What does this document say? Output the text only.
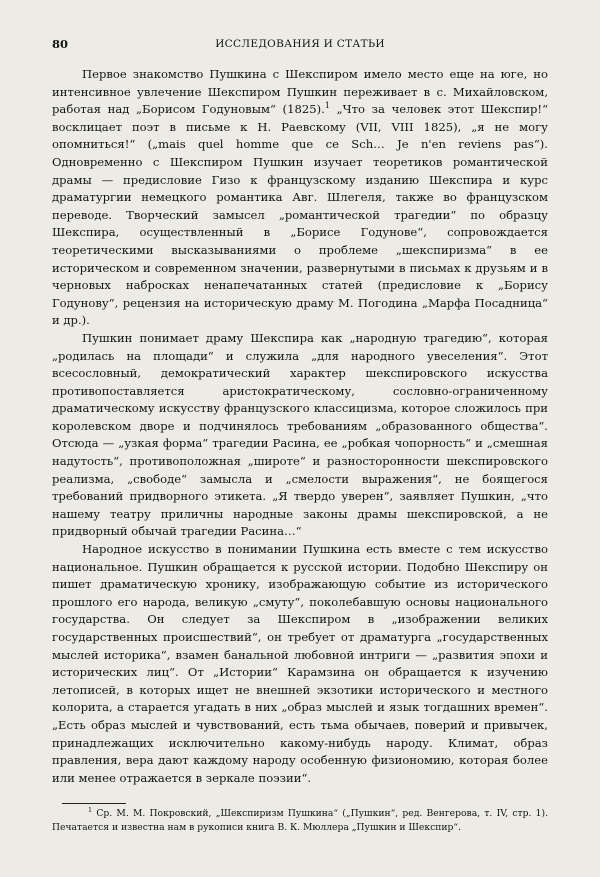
80	ИССЛЕДОВАНИЯ И СТАТЬИ

Первое знакомство Пушкина с Шекспиром имело место еще на юге, но интенсивное увлечение Шекспиром Пушкин переживает в с. Михайловском, работая над „Борисом Годуновым“ (1825).$^1$ „Что за человек этот Шекспир!“ восклицает поэт в письме к Н. Раевскому (VII, VIII 1825), „я не могу опомниться!“ („mais quel homme que ce Sch… Je n'en reviens pas“). Одновременно с Шекспиром Пушкин изучает теоретиков романтической драмы — предисловие Гизо к французскому изданию Шекспира и курс драматургии немецкого романтика Авг. Шлегеля, также во французском переводе. Творческий замысел „романтической трагедии“ по образцу Шекспира, осуществленный в „Борисе Годунове“, сопровождается теоретическими высказываниями о проблеме „шекспиризма“ в ее историческом и современном значении, развернутыми в письмах к друзьям и в черновых набросках ненапечатанных статей (предисловие к „Борису Годунову“, рецензия на историческую драму М. Погодина „Марфа Посадница“ и др.).

Пушкин понимает драму Шекспира как „народную трагедию“, которая „родилась на площади“ и служила „для народного увеселения“. Этот всесословный, демократический характер шекспировского искусства противопоставляется аристократическому, сословно-ограниченному драматическому искусству французского классицизма, которое сложилось при королевском дворе и подчинялось требованиям „образованного общества“. Отсюда — „узкая форма“ трагедии Расина, ее „робкая чопорность“ и „смешная надутость“, противоположная „широте“ и разносторонности шекспировского реализма, „свободе“ замысла и „смелости выражения“, не боящегося требований придворного этикета. „Я твердо уверен“, заявляет Пушкин, „что нашему театру приличны народные законы драмы шекспировской, а не придворный обычай трагедии Расина…“

Народное искусство в понимании Пушкина есть вместе с тем искусство национальное. Пушкин обращается к русской истории. Подобно Шекспиру он пишет драматическую хронику, изображающую событие из исторического прошлого его народа, великую „смуту“, поколебавшую основы национального государства. Он следует за Шекспиром в „изображении великих государственных происшествий“, он требует от драматурга „государственных мыслей историка“, взамен банальной любовной интриги — „развития эпохи и исторических лиц“. От „Истории“ Карамзина он обращается к изучению летописей, в которых ищет не внешней экзотики исторического и местного колорита, а старается угадать в них „образ мыслей и язык тогдашних времен“. „Есть образ мыслей и чувствований, есть тьма обычаев, поверий и привычек, принадлежащих исключительно какому-нибудь народу. Климат, образ правления, вера дают каждому народу особенную физиономию, которая более или менее отражается в зеркале поэзии“.

$^1$ Ср. М. М. Покровский, „Шекспиризм Пушкина“ („Пушкин“, ред. Венгерова, т. IV, стр. 1). Печатается и известна нам в рукописи книга В. К. Мюллера „Пушкин и Шекспир“.
